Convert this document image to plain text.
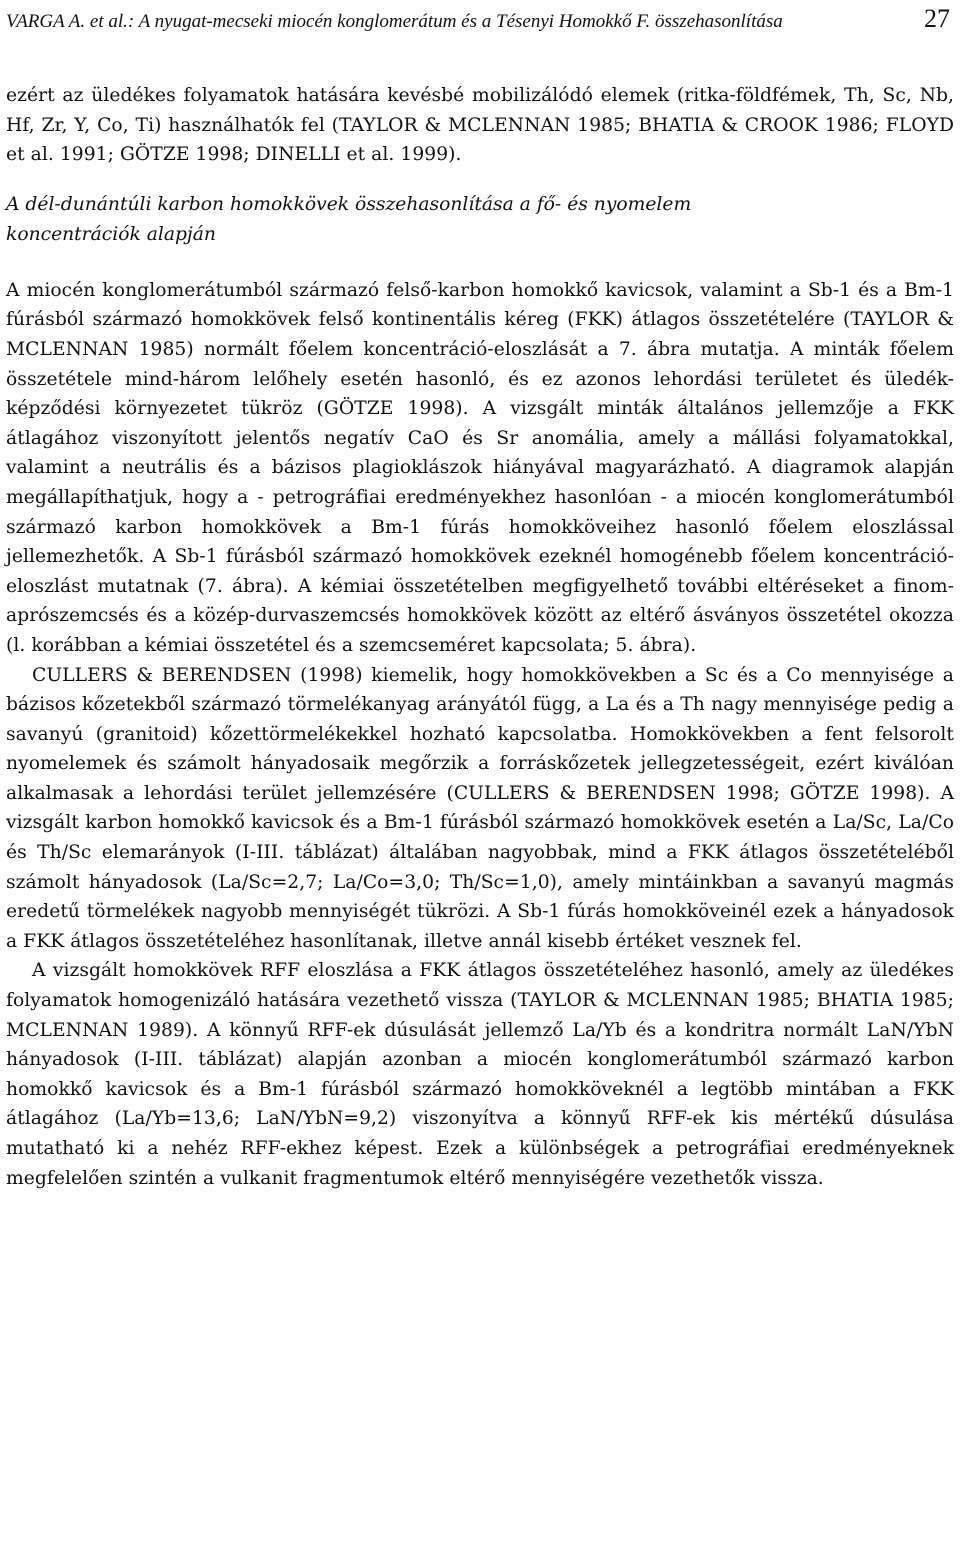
VARGA A. et al.: A nyugat-mecseki miocén konglomerátum és a Tésenyi Homokkő F. összehasonlítása	27

ezért az üledékes folyamatok hatására kevésbé mobilizálódó elemek (ritka-földfémek, Th, Sc, Nb, Hf, Zr, Y, Co, Ti) használhatók fel (TAYLOR & MCLENNAN 1985; BHATIA & CROOK 1986; FLOYD et al. 1991; GÖTZE 1998; DINELLI et al. 1999).

A dél-dunántúli karbon homokkövek összehasonlítása a fő- és nyomelem koncentrációk alapján

A miocén konglomerátumból származó felső-karbon homokkő kavicsok, valamint a Sb-1 és a Bm-1 fúrásból származó homokkövek felső kontinentális kéreg (FKK) átlagos összetételére (TAYLOR & MCLENNAN 1985) normált főelem koncentráció-eloszlását a 7. ábra mutatja. A minták főelem összetétele mind-három lelőhely esetén hasonló, és ez azonos lehordási területet és üledék-képződési környezetet tükröz (GÖTZE 1998). A vizsgált minták általános jellemzője a FKK átlagához viszonyított jelentős negatív CaO és Sr anomália, amely a mállási folyamatokkal, valamint a neutrális és a bázisos plagioklászok hiányával magyarázható. A diagramok alapján megállapíthatjuk, hogy a - petrográfiai eredményekhez hasonlóan - a miocén konglomerátumból származó karbon homokkövek a Bm-1 fúrás homokköveihez hasonló főelem eloszlással jellemezhetők. A Sb-1 fúrásból származó homokkövek ezeknél homogénebb főelem koncentráció-eloszlást mutatnak (7. ábra). A kémiai összetételben megfigyelhető további eltéréseket a finom-aprószemcsés és a közép-durvaszemcsés homokkövek között az eltérő ásványos összetétel okozza (l. korábban a kémiai összetétel és a szemcseméret kapcsolata; 5. ábra).

CULLERS & BERENDSEN (1998) kiemelik, hogy homokkövekben a Sc és a Co mennyisége a bázisos kőzetekből származó törmelékanyag arányától függ, a La és a Th nagy mennyisége pedig a savanyú (granitoid) kőzettörmelékekkel hozható kapcsolatba. Homokkövekben a fent felsorolt nyomelemek és számolt hányadosaik megőrzik a forráskőzetek jellegzetességeit, ezért kiválóan alkalmasak a lehordási terület jellemzésére (CULLERS & BERENDSEN 1998; GÖTZE 1998). A vizsgált karbon homokkő kavicsok és a Bm-1 fúrásból származó homokkövek esetén a La/Sc, La/Co és Th/Sc elemarányok (I-III. táblázat) általában nagyobbak, mind a FKK átlagos összetételéből számolt hányadosok (La/Sc=2,7; La/Co=3,0; Th/Sc=1,0), amely mintáinkban a savanyú magmás eredetű törmelékek nagyobb mennyiségét tükrözi. A Sb-1 fúrás homokköveinél ezek a hányadosok a FKK átlagos összetételéhez hasonlítanak, illetve annál kisebb értéket vesznek fel.

A vizsgált homokkövek RFF eloszlása a FKK átlagos összetételéhez hasonló, amely az üledékes folyamatok homogenizáló hatására vezethető vissza (TAYLOR & MCLENNAN 1985; BHATIA 1985; MCLENNAN 1989). A könnyű RFF-ek dúsulását jellemző La/Yb és a kondritra normált LaN/YbN hányadosok (I-III. táblázat) alapján azonban a miocén konglomerátumból származó karbon homokkő kavicsok és a Bm-1 fúrásból származó homokköveknél a legtöbb mintában a FKK átlagához (La/Yb=13,6; LaN/YbN=9,2) viszonyítva a könnyű RFF-ek kis mértékű dúsulása mutatható ki a nehéz RFF-ekhez képest. Ezek a különbségek a petrográfiai eredményeknek megfelelően szintén a vulkanit fragmentumok eltérő mennyiségére vezethetők vissza.
